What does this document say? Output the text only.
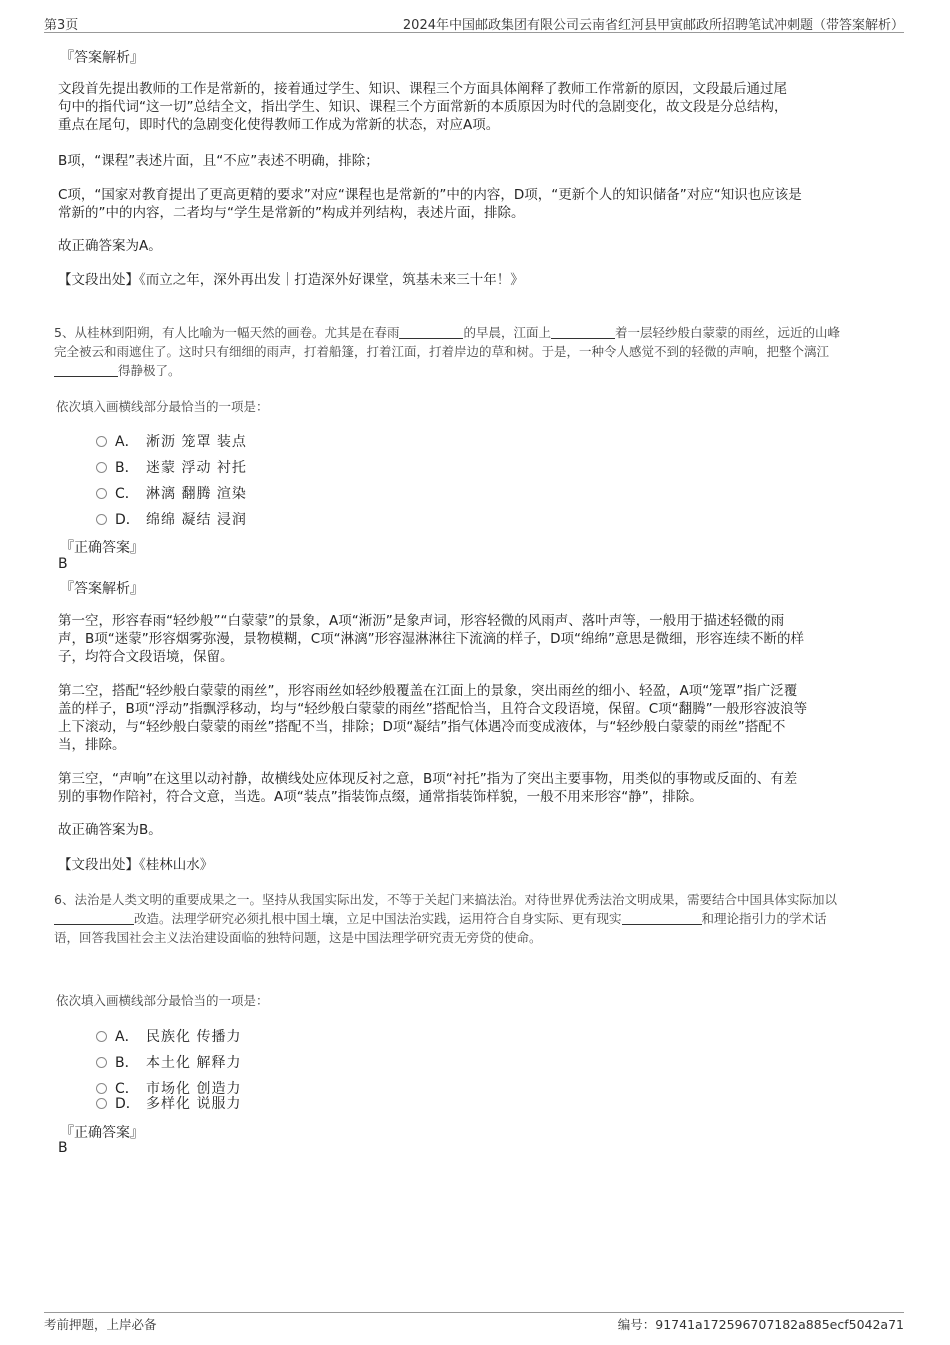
第3页	2024年中国邮政集团有限公司云南省红河县甲寅邮政所招聘笔试冲刺题（带答案解析）
『答案解析』

文段首先提出教师的工作是常新的，接着通过学生、知识、课程三个方面具体阐释了教师工作常新的原因，文段最后通过尾

句中的指代词“这一切”总结全文，指出学生、知识、课程三个方面常新的本质原因为时代的急剧变化，故文段是分总结构，

重点在尾句，即时代的急剧变化使得教师工作成为常新的状态，对应A项。

B项，“课程”表述片面，且“不应”表述不明确，排除；

C项，“国家对教育提出了更高更精的要求”对应“课程也是常新的”中的内容，D项，“更新个人的知识储备”对应“知识也应该是

常新的”中的内容，二者均与“学生是常新的”构成并列结构，表述片面，排除。

故正确答案为A。

【文段出处】《而立之年，深外再出发｜打造深外好课堂，筑基未来三十年！》

5、从桂林到阳朔，有人比喻为一幅天然的画卷。尤其是在春雨	的早晨，江面上	着一层轻纱般白蒙蒙的雨丝，远近的山峰

完全被云和雨遮住了。这时只有细细的雨声，打着船篷，打着江面，打着岸边的草和树。于是，一种令人感觉不到的轻微的声响，把整个漓江

得静极了。

依次填入画横线部分最恰当的一项是：

A． 淅沥 笼罩 装点
B． 迷蒙 浮动 衬托
C． 淋漓 翻腾 渲染
D． 绵绵 凝结 浸润
『正确答案』
B
『答案解析』

第一空，形容春雨“轻纱般”“白蒙蒙”的景象，A项“淅沥”是象声词，形容轻微的风雨声、落叶声等，一般用于描述轻微的雨

声，B项“迷蒙”形容烟雾弥漫，景物模糊，C项“淋漓”形容湿淋淋往下流滴的样子，D项“绵绵”意思是微细，形容连续不断的样

子，均符合文段语境，保留。

第二空，搭配“轻纱般白蒙蒙的雨丝”，形容雨丝如轻纱般覆盖在江面上的景象，突出雨丝的细小、轻盈，A项“笼罩”指广泛覆

盖的样子，B项“浮动”指飘浮移动，均与“轻纱般白蒙蒙的雨丝”搭配恰当，且符合文段语境，保留。C项“翻腾”一般形容波浪等

上下滚动，与“轻纱般白蒙蒙的雨丝”搭配不当，排除；D项“凝结”指气体遇冷而变成液体，与“轻纱般白蒙蒙的雨丝”搭配不

当，排除。

第三空，“声响”在这里以动衬静，故横线处应体现反衬之意，B项“衬托”指为了突出主要事物，用类似的事物或反面的、有差

别的事物作陪衬，符合文意，当选。A项“装点”指装饰点缀，通常指装饰样貌，一般不用来形容“静”，排除。

故正确答案为B。

【文段出处】《桂林山水》

6、法治是人类文明的重要成果之一。坚持从我国实际出发，不等于关起门来搞法治。对待世界优秀法治文明成果，需要结合中国具体实际加以

改造。法理学研究必须扎根中国土壤，立足中国法治实践，运用符合自身实际、更有现实	和理论指引力的学术话

语，回答我国社会主义法治建设面临的独特问题，这是中国法理学研究责无旁贷的使命。

依次填入画横线部分最恰当的一项是：

A． 民族化 传播力
B． 本土化 解释力
C． 市场化 创造力
D． 多样化 说服力
『正确答案』
B
考前押题，上岸必备	编号：91741a172596707182a885ecf5042a71
